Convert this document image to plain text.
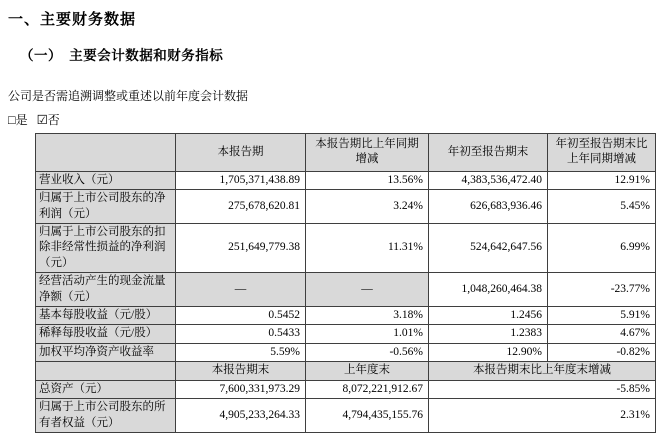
一、主要财务数据
（一）　主要会计数据和财务指标
公司是否需追溯调整或重述以前年度会计数据
□是 ☑否
	本报告期	本报告期比上年同期增减	年初至报告期末	年初至报告期末比上年同期增减
营业收入（元）	1,705,371,438.89	13.56%	4,383,536,472.40	12.91%
归属于上市公司股东的净利润（元）	275,678,620.81	3.24%	626,683,936.46	5.45%
归属于上市公司股东的扣除非经常性损益的净利润（元）	251,649,779.38	11.31%	524,642,647.56	6.99%
经营活动产生的现金流量净额（元）	—	—	1,048,260,464.38	-23.77%
基本每股收益（元/股）	0.5452	3.18%	1.2456	5.91%
稀释每股收益（元/股）	0.5433	1.01%	1.2383	4.67%
加权平均净资产收益率	5.59%	-0.56%	12.90%	-0.82%
	本报告期末	上年度末	本报告期末比上年度末增减	
总资产（元）	7,600,331,973.29	8,072,221,912.67	-5.85%	
归属于上市公司股东的所有者权益（元）	4,905,233,264.33	4,794,435,155.76	2.31%	
